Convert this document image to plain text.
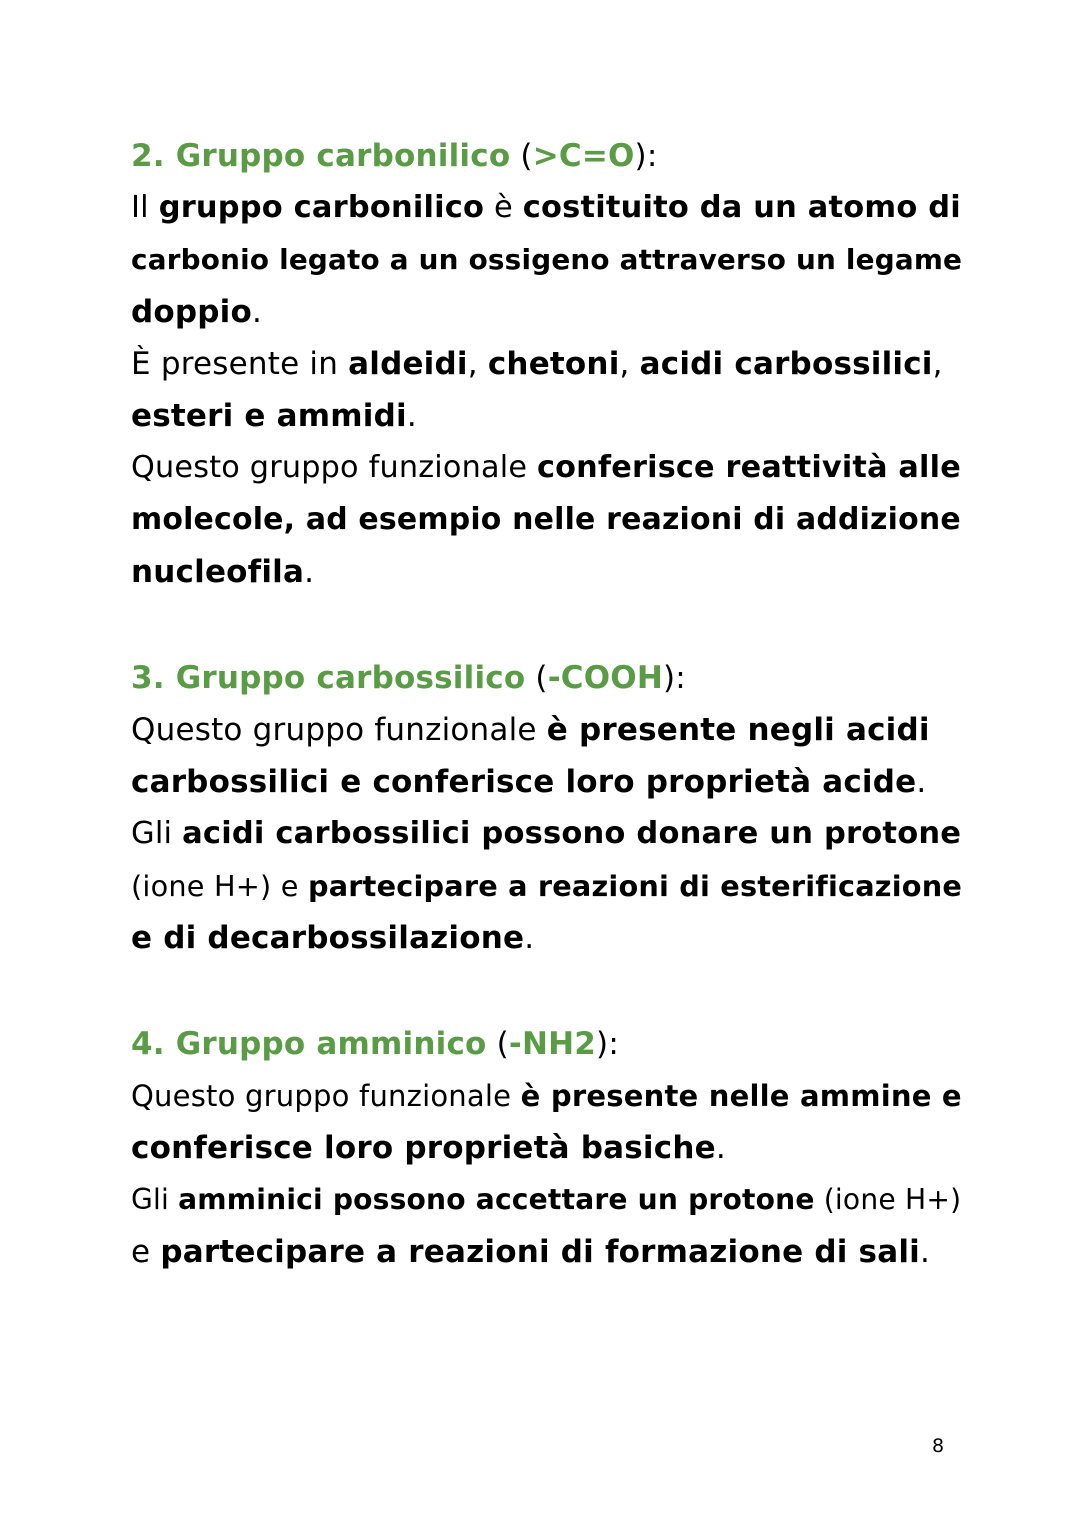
2. Gruppo carbonilico (>C=O):
Il gruppo carbonilico è costituito da un atomo di
carbonio legato a un ossigeno attraverso un legame
doppio.
È presente in aldeidi, chetoni, acidi carbossilici,
esteri e ammidi.
Questo gruppo funzionale conferisce reattività alle
molecole, ad esempio nelle reazioni di addizione
nucleofila.
3. Gruppo carbossilico (-COOH):
Questo gruppo funzionale è presente negli acidi
carbossilici e conferisce loro proprietà acide.
Gli acidi carbossilici possono donare un protone
(ione H+) e partecipare a reazioni di esterificazione
e di decarbossilazione.
4. Gruppo amminico (-NH2):
Questo gruppo funzionale è presente nelle ammine e
conferisce loro proprietà basiche.
Gli amminici possono accettare un protone (ione H+)
e partecipare a reazioni di formazione di sali.
8
